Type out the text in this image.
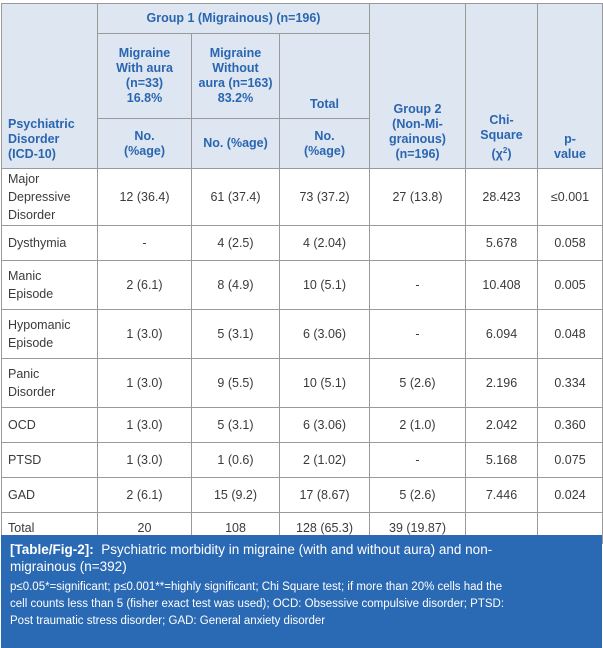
Psychiatric
Disorder
(ICD-10)	Group 1 (Migrainous) (n=196)			Group 2
(Non-Mi-
grainous)
(n=196)	Chi-
Square
$(\chi^2)$	p-
value
	Migraine
With aura
(n=33)
16.8%	Migraine
Without
aura (n=163)
83.2%	Total			
	No.
(%age)	No. (%age)	No.
(%age)			
Major
Depressive
Disorder	12 (36.4)	61 (37.4)	73 (37.2)	27 (13.8)	28.423	≤0.001
Dysthymia	-	4 (2.5)	4 (2.04)		5.678	0.058
Manic
Episode	2 (6.1)	8 (4.9)	10 (5.1)	-	10.408	0.005
Hypomanic
Episode	1 (3.0)	5 (3.1)	6 (3.06)	-	6.094	0.048
Panic
Disorder	1 (3.0)	9 (5.5)	10 (5.1)	5 (2.6)	2.196	0.334
OCD	1 (3.0)	5 (3.1)	6 (3.06)	2 (1.0)	2.042	0.360
PTSD	1 (3.0)	1 (0.6)	2 (1.02)	-	5.168	0.075
GAD	2 (6.1)	15 (9.2)	17 (8.67)	5 (2.6)	7.446	0.024
Total	20	108	128 (65.3)	39 (19.87)		
[Table/Fig-2]: Psychiatric morbidity in migraine (with and without aura) and non-
migrainous (n=392)
p≤0.05*=significant; p≤0.001**=highly significant; Chi Square test; if more than 20% cells had the
cell counts less than 5 (fisher exact test was used); OCD: Obsessive compulsive disorder; PTSD:
Post traumatic stress disorder; GAD: General anxiety disorder
